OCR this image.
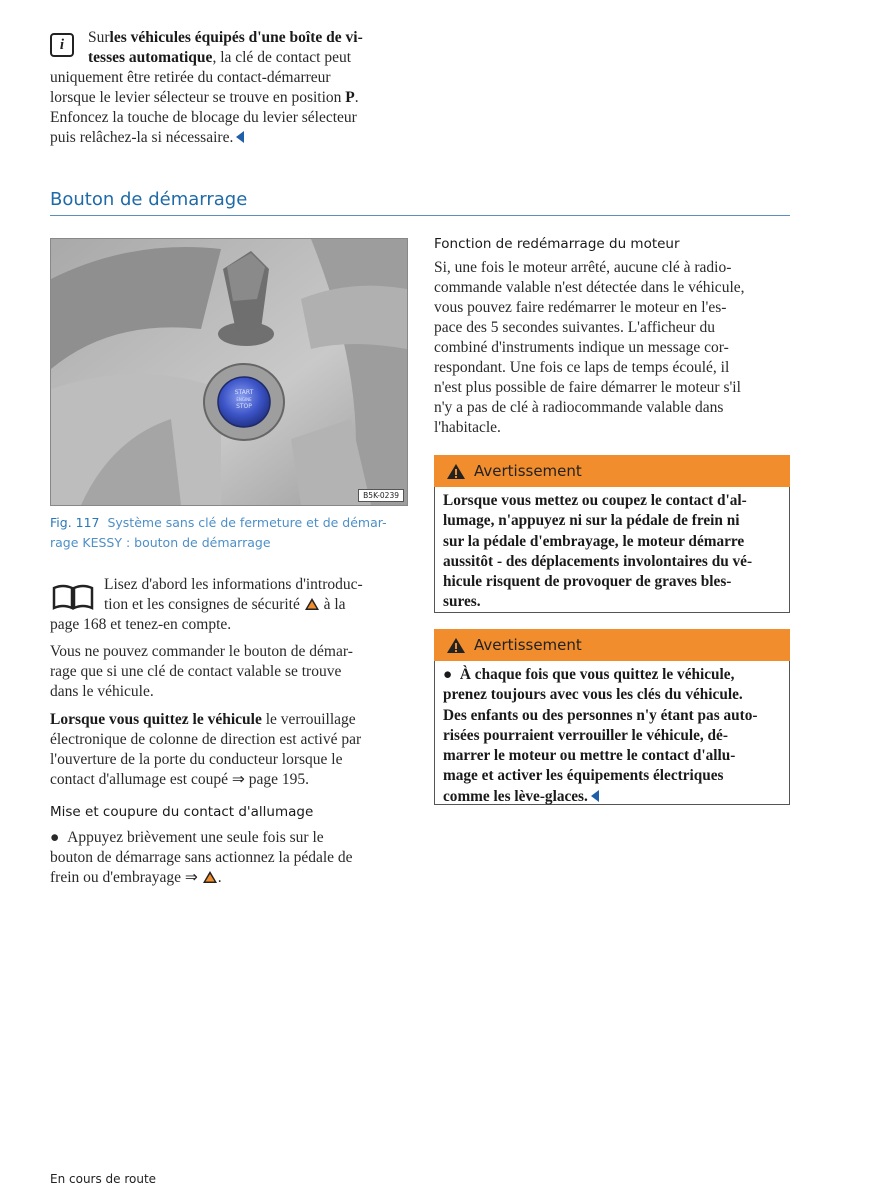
i	Surles véhicules équipés d'une boîte de vi-
tesses automatique, la clé de contact peut
uniquement être retirée du contact-démarreur
lorsque le levier sélecteur se trouve en position P.
Enfoncez la touche de blocage du levier sélecteur
puis relâchez-la si nécessaire.
Bouton de démarrage
START
ENGINE
STOP
B5K-0239
Fig. 117 Système sans clé de fermeture et de démar-
rage KESSY : bouton de démarrage
Lisez d'abord les informations d'introduc-
tion et les consignes de sécurité  à la
page 168 et tenez-en compte.
Vous ne pouvez commander le bouton de démar-
rage que si une clé de contact valable se trouve
dans le véhicule.
Lorsque vous quittez le véhicule le verrouillage
électronique de colonne de direction est activé par
l'ouverture de la porte du conducteur lorsque le
contact d'allumage est coupé ⇒ page 195.
Mise et coupure du contact d'allumage
● Appuyez brièvement une seule fois sur le
bouton de démarrage sans actionnez la pédale de
frein ou d'embrayage ⇒ .
Fonction de redémarrage du moteur
Si, une fois le moteur arrêté, aucune clé à radio-
commande valable n'est détectée dans le véhicule,
vous pouvez faire redémarrer le moteur en l'es-
pace des 5 secondes suivantes. L'afficheur du
combiné d'instruments indique un message cor-
respondant. Une fois ce laps de temps écoulé, il
n'est plus possible de faire démarrer le moteur s'il
n'y a pas de clé à radiocommande valable dans
l'habitacle.
Avertissement
Lorsque vous mettez ou coupez le contact d'al-
lumage, n'appuyez ni sur la pédale de frein ni
sur la pédale d'embrayage, le moteur démarre
aussitôt - des déplacements involontaires du vé-
hicule risquent de provoquer de graves bles-
sures.
Avertissement
● À chaque fois que vous quittez le véhicule,
prenez toujours avec vous les clés du véhicule.
Des enfants ou des personnes n'y étant pas auto-
risées pourraient verrouiller le véhicule, dé-
marrer le moteur ou mettre le contact d'allu-
mage et activer les équipements électriques
comme les lève-glaces.
En cours de route
